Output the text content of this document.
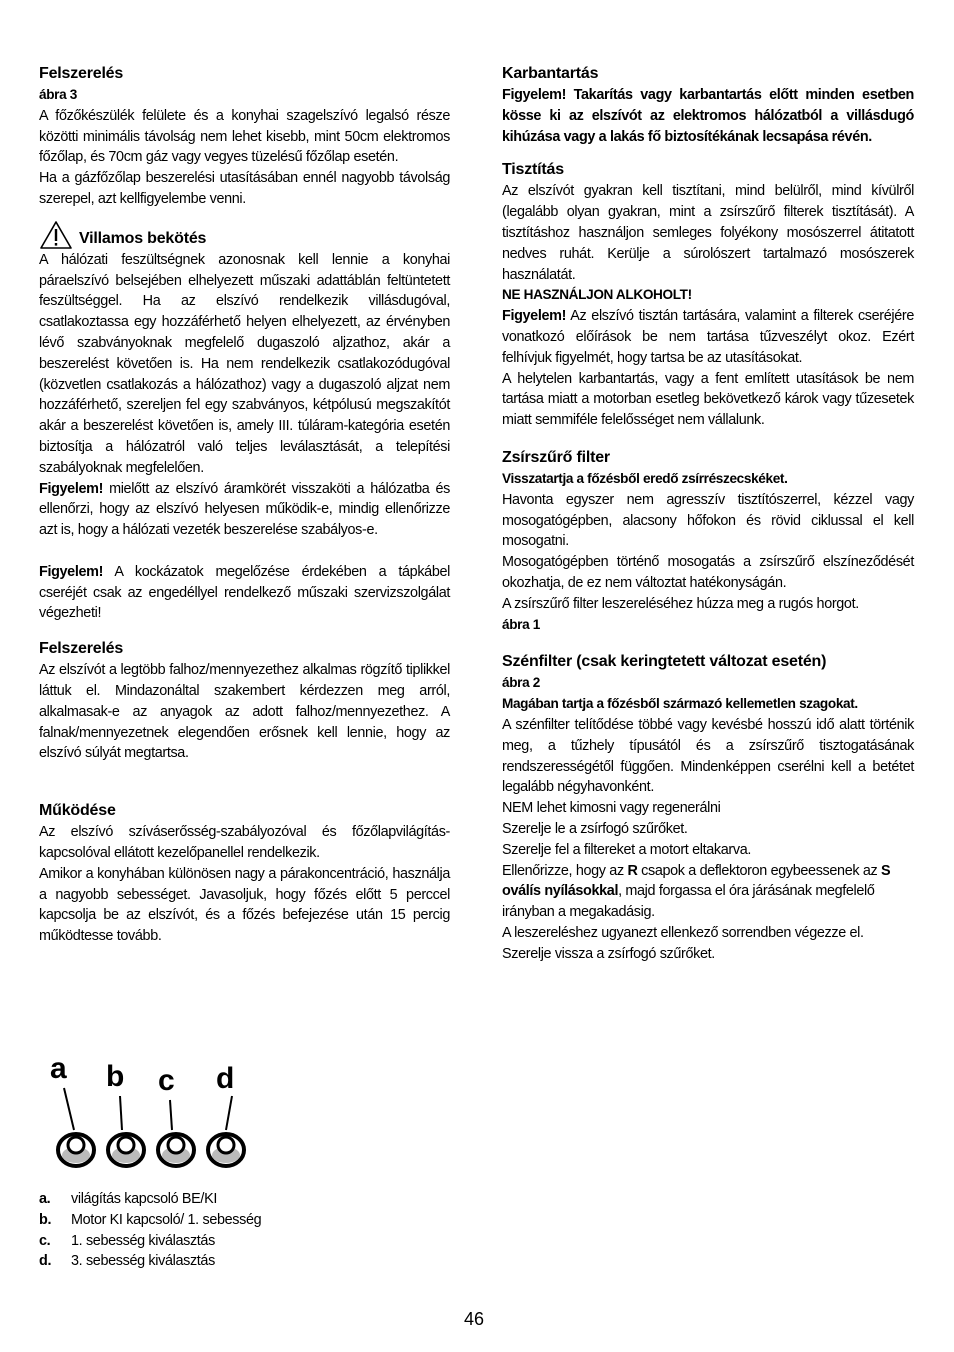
Felszerelés
ábra 3

A főzőkészülék felülete és a konyhai szagelszívó legalsó része közötti minimális távolság nem lehet kisebb, mint 50cm elektromos főzőlap, és 70cm gáz vagy vegyes tüzelésű főzőlap esetén.

Ha a gázfőzőlap beszerelési utasításában ennél nagyobb távolság szerepel, azt kellfigyelembe venni.

Villamos bekötés

A hálózati feszültségnek azonosnak kell lennie a konyhai páraelszívó belsejében elhelyezett műszaki adattáblán feltüntetett feszültséggel. Ha az elszívó rendelkezik villásdugóval, csatlakoztassa egy hozzáférhető helyen elhelyezett, az érvényben lévő szabványoknak megfelelő dugaszoló aljzathoz, akár a beszerelést követően is. Ha nem rendelkezik csatlakozódugóval (közvetlen csatlakozás a hálózathoz) vagy a dugaszoló aljzat nem hozzáférhető, szereljen fel egy szabványos, kétpólusú megszakítót akár a beszerelést követően is, amely III. túláram-kategória esetén biztosítja a hálózatról való teljes leválasztását, a telepítési szabályoknak megfelelően.

Figyelem! mielőtt az elszívó áramkörét visszaköti a hálózatba és ellenőrzi, hogy az elszívó helyesen működik-e, mindig ellenőrizze azt is, hogy a hálózati vezeték beszerelése szabályos-e.

Figyelem! A kockázatok megelőzése érdekében a tápkábel cseréjét csak az engedéllyel rendelkező műszaki szervizszolgálat végezheti!

Felszerelés

Az elszívót a legtöbb falhoz/mennyezethez alkalmas rögzítő tiplikkel láttuk el. Mindazonáltal szakembert kérdezzen meg arról, alkalmasak-e az anyagok az adott falhoz/mennyezethez. A falnak/mennyezetnek elegendően erősnek kell lennie, hogy az elszívó súlyát megtartsa.

Működése

Az elszívó szíváserősség-szabályozóval és főzőlapvilágítás-kapcsolóval ellátott kezelőpanellel rendelkezik.

Amikor a konyhában különösen nagy a párakoncentráció, használja a nagyobb sebességet. Javasoljuk, hogy főzés előtt 5 perccel kapcsolja be az elszívót, és a főzés befejezése után 15 percig működtesse tovább.

a b c d
a.	világítás kapcsoló BE/KI
b.	Motor KI kapcsoló/ 1. sebesség
c.	1. sebesség kiválasztás
d.	3. sebesség kiválasztás
Karbantartás

Figyelem! Takarítás vagy karbantartás előtt minden esetben kösse ki az elszívót az elektromos hálózatból a villásdugó kihúzása vagy a lakás fő biztosítékának lecsapása révén.

Tisztítás

Az elszívót gyakran kell tisztítani, mind belülről, mind kívülről (legalább olyan gyakran, mint a zsírszűrő filterek tisztítását). A tisztításhoz használjon semleges folyékony mosószerrel átitatott nedves ruhát. Kerülje a súrolószert tartalmazó mosószerek használatát.

NE HASZNÁLJON ALKOHOLT!

Figyelem! Az elszívó tisztán tartására, valamint a filterek cseréjére vonatkozó előírások be nem tartása tűzveszélyt okoz. Ezért felhívjuk figyelmét, hogy tartsa be az utasításokat.

A helytelen karbantartás, vagy a fent említett utasítások be nem tartása miatt a motorban esetleg bekövetkező károk vagy tűzesetek miatt semmiféle felelősséget nem vállalunk.

Zsírszűrő filter

Visszatartja a főzésből eredő zsírrészecskéket.

Havonta egyszer nem agresszív tisztítószerrel, kézzel vagy mosogatógépben, alacsony hőfokon és rövid ciklussal el kell mosogatni.

Mosogatógépben történő mosogatás a zsírszűrő elszíneződését okozhatja, de ez nem változtat hatékonyságán.

A zsírszűrő filter leszereléséhez húzza meg a rugós horgot.

ábra 1
Szénfilter (csak keringtetett változat esetén)
ábra 2

Magában tartja a főzésből származó kellemetlen szagokat.

A szénfilter telítődése többé vagy kevésbé hosszú idő alatt történik meg, a tűzhely típusától és a zsírszűrő tisztogatásának rendszerességétől függően. Mindenképpen cserélni kell a betétet legalább négyhavonként.

NEM lehet kimosni vagy regenerálni
Szerelje le a zsírfogó szűrőket.
Szerelje fel a filtereket a motort eltakarva.
Ellenőrizze, hogy az R csapok a deflektoron egybeessenek az S oválís nyílásokkal, majd forgassa el óra járásának megfelelő irányban a megakadásig.
A leszereléshez ugyanezt ellenkező sorrendben végezze el.
Szerelje vissza a zsírfogó szűrőket.
46
